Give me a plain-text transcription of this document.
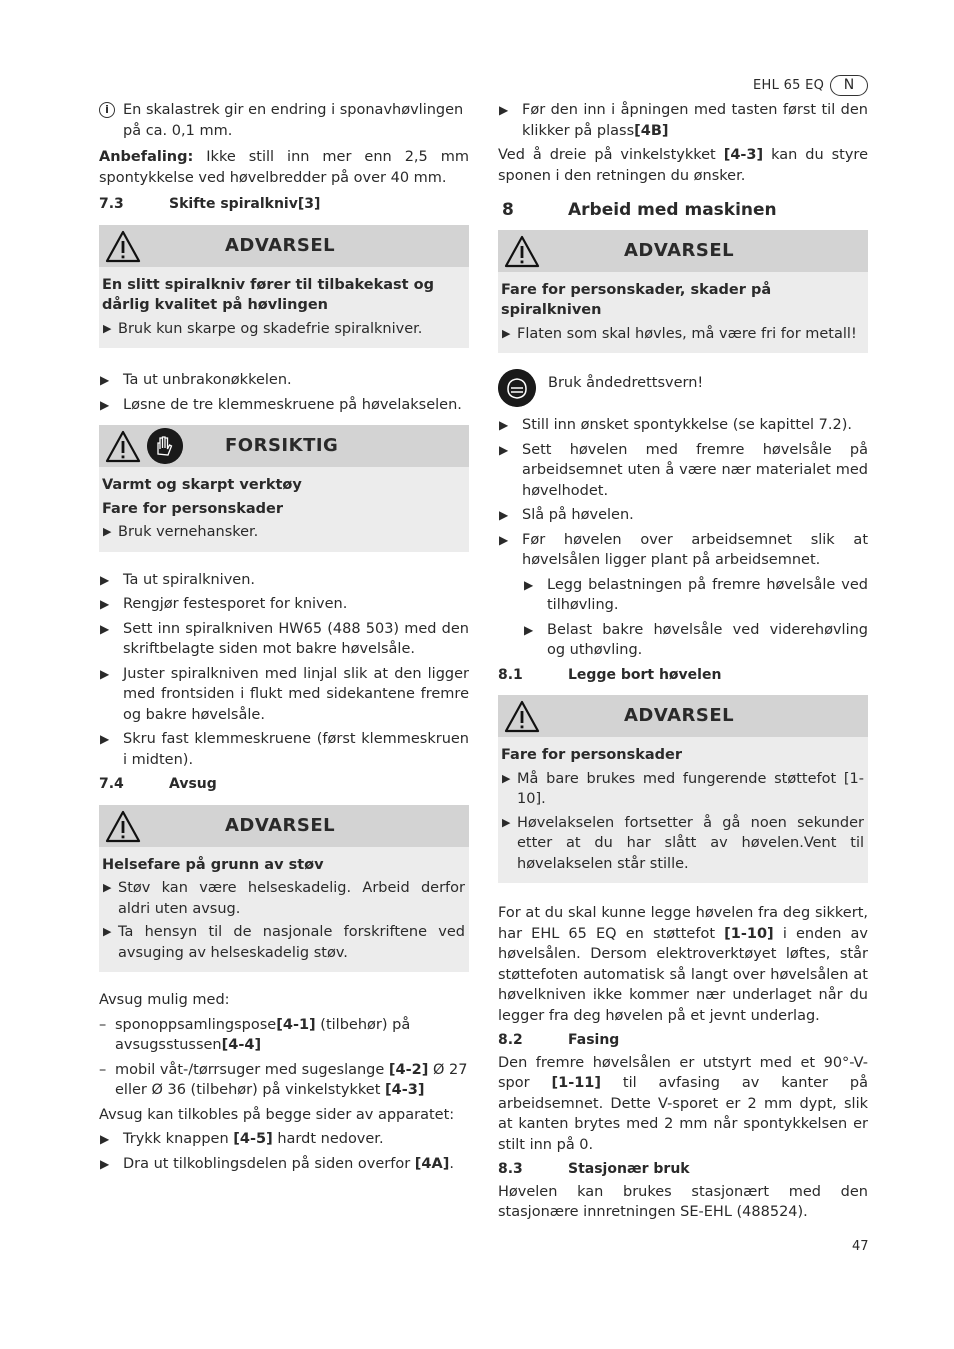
EHL 65 EQ	N
i En skalastrek gir en endring i sponavhøvlingen på ca. 0,1 mm.

Anbefaling: Ikke still inn mer enn 2,5 mm spontykkelse ved høvelbredder på over 40 mm.

7.3	Skifte spiralkniv[3]
ADVARSEL
En slitt spiralkniv fører til tilbakekast og dårlig kvalitet på høvlingen
▶ Bruk kun skarpe og skadefrie spiralkniver.
▶ Ta ut unbrakonøkkelen.
▶ Løsne de tre klemmeskruene på høvelakselen.
FORSIKTIG
Varmt og skarpt verktøy
Fare for personskader
▶ Bruk vernehansker.
▶ Ta ut spiralkniven.
▶ Rengjør festesporet for kniven.
▶ Sett inn spiralkniven HW65 (488 503) med den skriftbelagte siden mot bakre høvelsåle.
▶ Juster spiralkniven med linjal slik at den ligger med frontsiden i flukt med sidekantene fremre og bakre høvelsåle.
▶ Skru fast klemmeskruene (først klemmeskruen i midten).
7.4	Avsug
ADVARSEL
Helsefare på grunn av støv
▶ Støv kan være helseskadelig. Arbeid derfor aldri uten avsug.
▶ Ta hensyn til de nasjonale forskriftene ved avsuging av helseskadelig støv.

Avsug mulig med:

– sponoppsamlingspose[4-1] (tilbehør) på avsugsstussen[4-4]
– mobil våt-/tørrsuger med sugeslange [4-2] Ø 27 eller Ø 36 (tilbehør) på vinkelstykket [4-3]

Avsug kan tilkobles på begge sider av apparatet:

▶ Trykk knappen [4-5] hardt nedover.
▶ Dra ut tilkoblingsdelen på siden overfor [4A].
▶ Før den inn i åpningen med tasten først til den klikker på plass[4B]

Ved å dreie på vinkelstykket [4-3] kan du styre sponen i den retningen du ønsker.

8	Arbeid med maskinen
ADVARSEL
Fare for personskader, skader på spiralkniven
▶ Flaten som skal høvles, må være fri for metall!
Bruk åndedrettsvern!
▶ Still inn ønsket spontykkelse (se kapittel 7.2).
▶ Sett høvelen med fremre høvelsåle på arbeidsemnet uten å være nær materialet med høvelhodet.
▶ Slå på høvelen.
▶ Før høvelen over arbeidsemnet slik at høvelsålen ligger plant på arbeidsemnet.
▶ Legg belastningen på fremre høvelsåle ved tilhøvling.
▶ Belast bakre høvelsåle ved viderehøvling og uthøvling.
8.1	Legge bort høvelen
ADVARSEL
Fare for personskader
▶ Må bare brukes med fungerende støttefot [1-10].
▶ Høvelakselen fortsetter å gå noen sekunder etter at du har slått av høvelen.Vent til høvelakselen står stille.

For at du skal kunne legge høvelen fra deg sikkert, har EHL 65 EQ en støttefot [1-10] i enden av høvelsålen. Dersom elektroverktøyet løftes, står støttefoten automatisk så langt over høvelsålen at høvelkniven ikke kommer nær underlaget når du legger fra deg høvelen på et jevnt underlag.

8.2	Fasing

Den fremre høvelsålen er utstyrt med et 90°-V-spor [1-11] til avfasing av kanter på arbeidsemnet. Dette V-sporet er 2 mm dypt, slik at kanten brytes med 2 mm når spontykkelsen er stilt inn på 0.

8.3	Stasjonær bruk

Høvelen kan brukes stasjonært med den stasjonære innretningen SE-EHL (488524).

47
